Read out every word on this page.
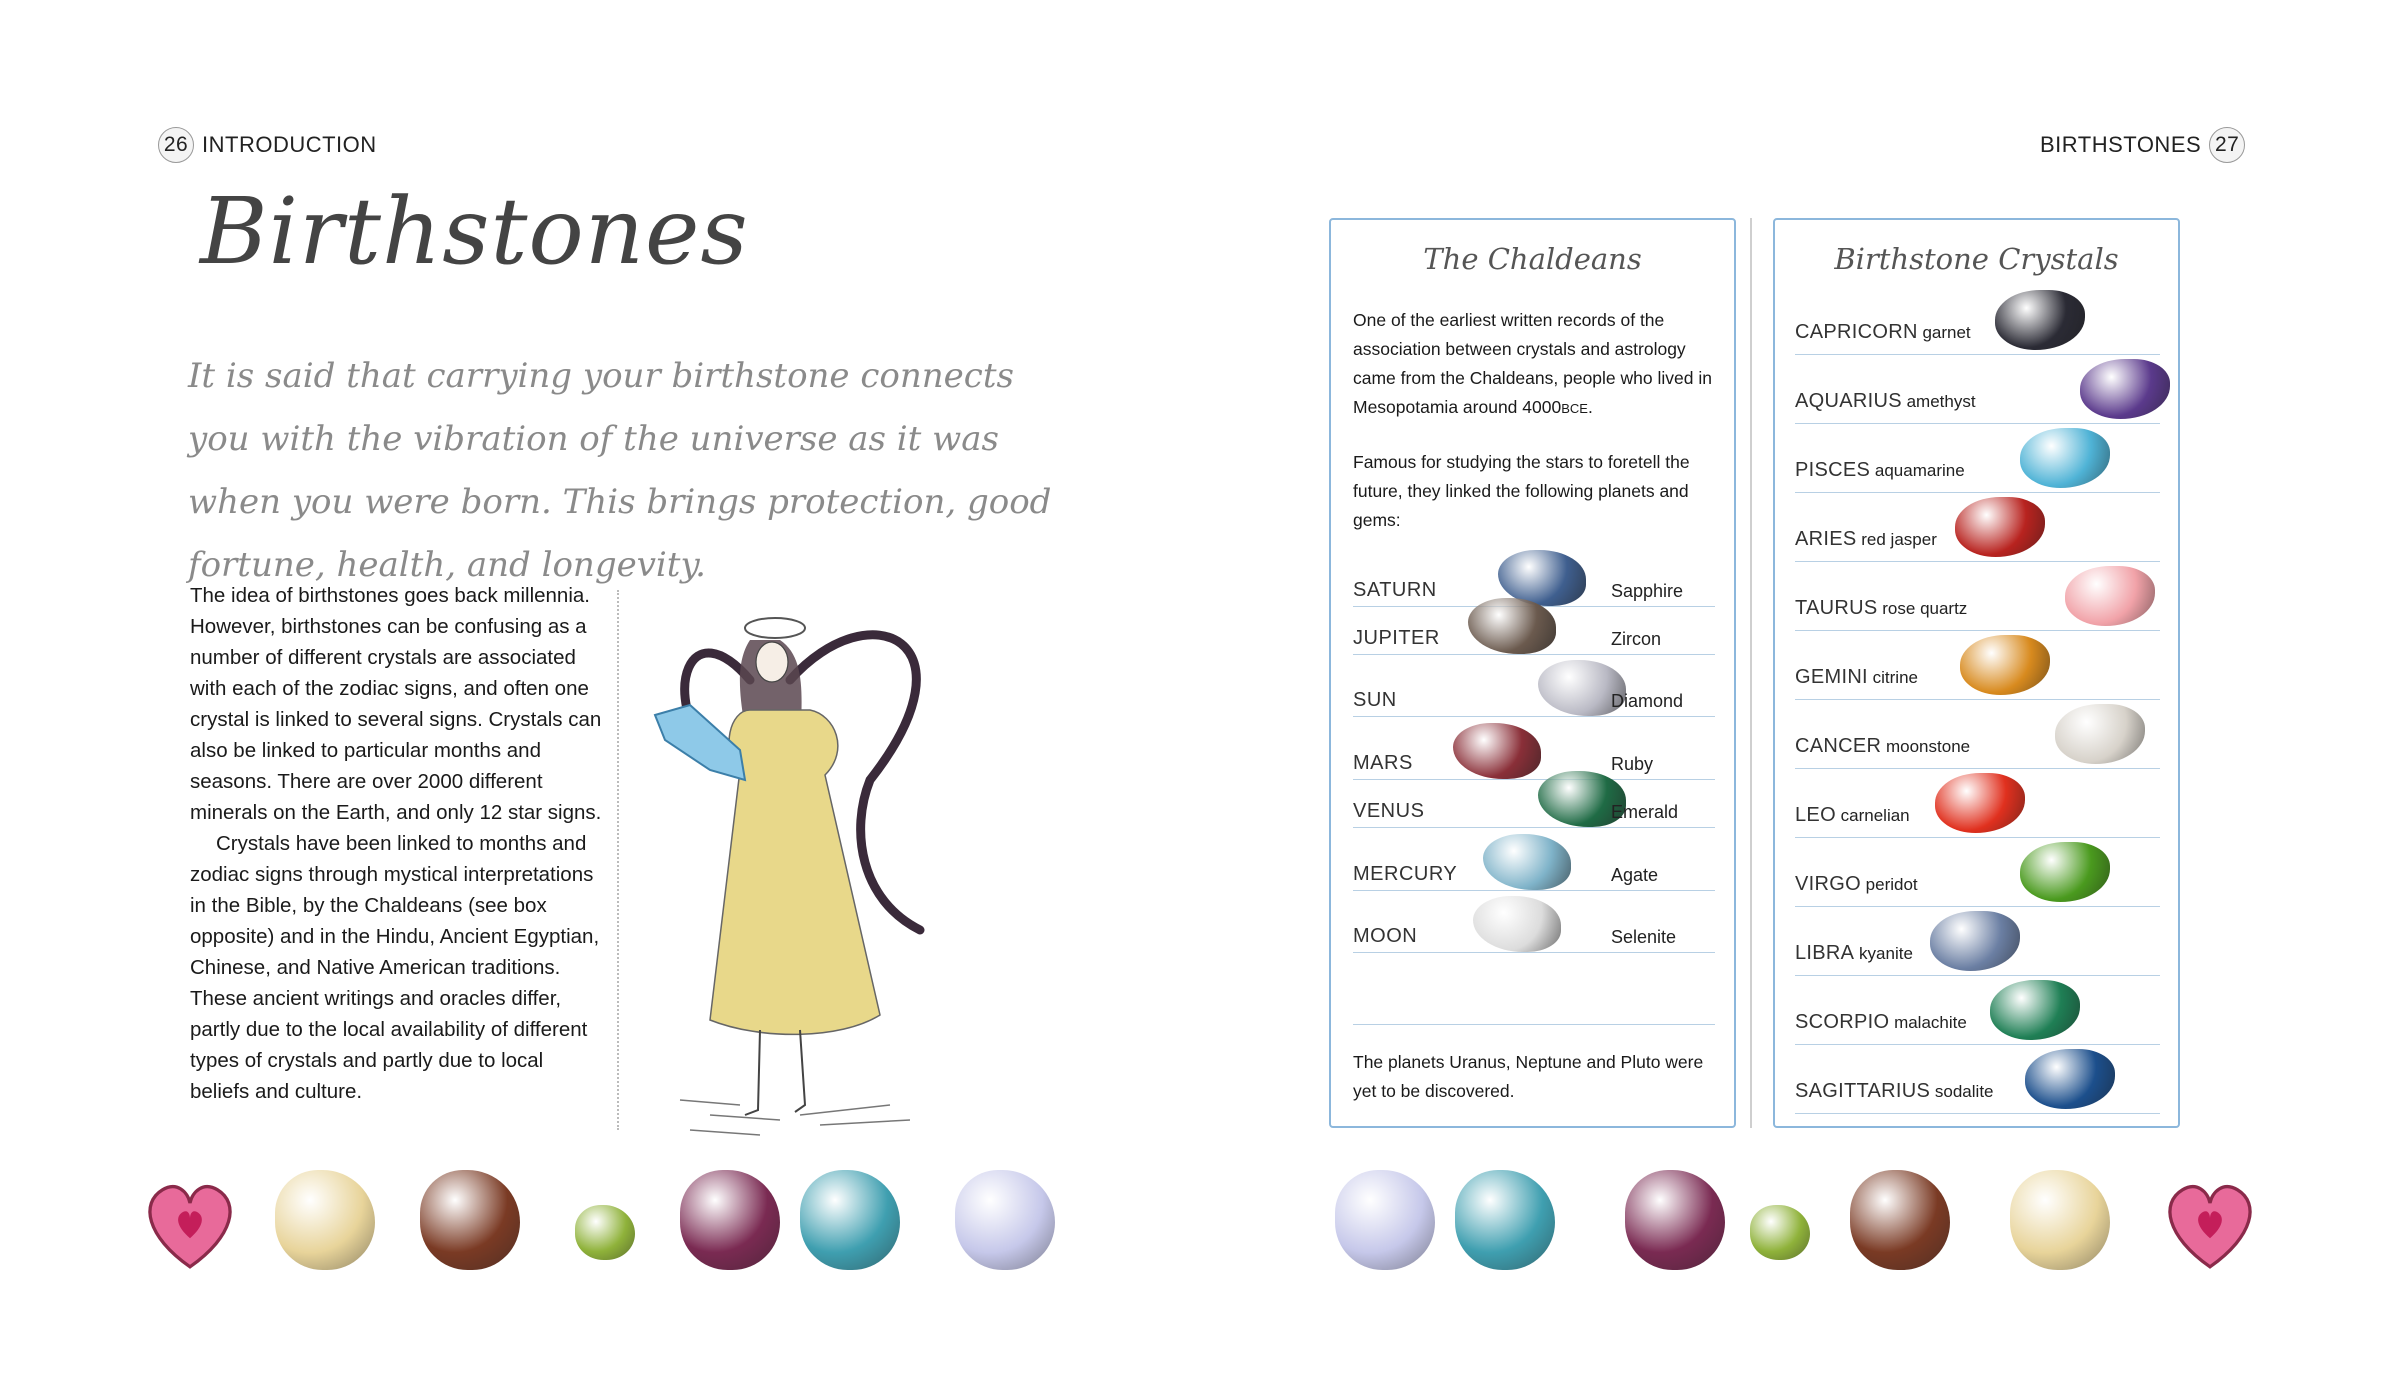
26 INTRODUCTION
Birthstones
It is said that carrying your birthstone connects you with the vibration of the universe as it was when you were born. This brings protection, good fortune, health, and longevity.

The idea of birthstones goes back millennia. However, birthstones can be confusing as a number of different crystals are associated with each of the zodiac signs, and often one crystal is linked to several signs. Crystals can also be linked to particular months and seasons. There are over 2000 different minerals on the Earth, and only 12 star signs.

Crystals have been linked to months and zodiac signs through mystical interpretations in the Bible, by the Chaldeans (see box opposite) and in the Hindu, Ancient Egyptian, Chinese, and Native American traditions. These ancient writings and oracles differ, partly due to the local availability of different types of crystals and partly due to local beliefs and culture.

BIRTHSTONES 27
The Chaldeans
One of the earliest written records of the association between crystals and astrology came from the Chaldeans, people who lived in Mesopotamia around 4000BCE.
Famous for studying the stars to foretell the future, they linked the following planets and gems:
SATURN	Sapphire
JUPITER	Zircon
SUN	Diamond
MARS	Ruby
VENUS	Emerald
MERCURY	Agate
MOON	Selenite
The planets Uranus, Neptune and Pluto were yet to be discovered.
Birthstone Crystals
CAPRICORN garnet
AQUARIUS amethyst
PISCES aquamarine
ARIES red jasper
TAURUS rose quartz
GEMINI citrine
CANCER moonstone
LEO carnelian
VIRGO peridot
LIBRA kyanite
SCORPIO malachite
SAGITTARIUS sodalite
